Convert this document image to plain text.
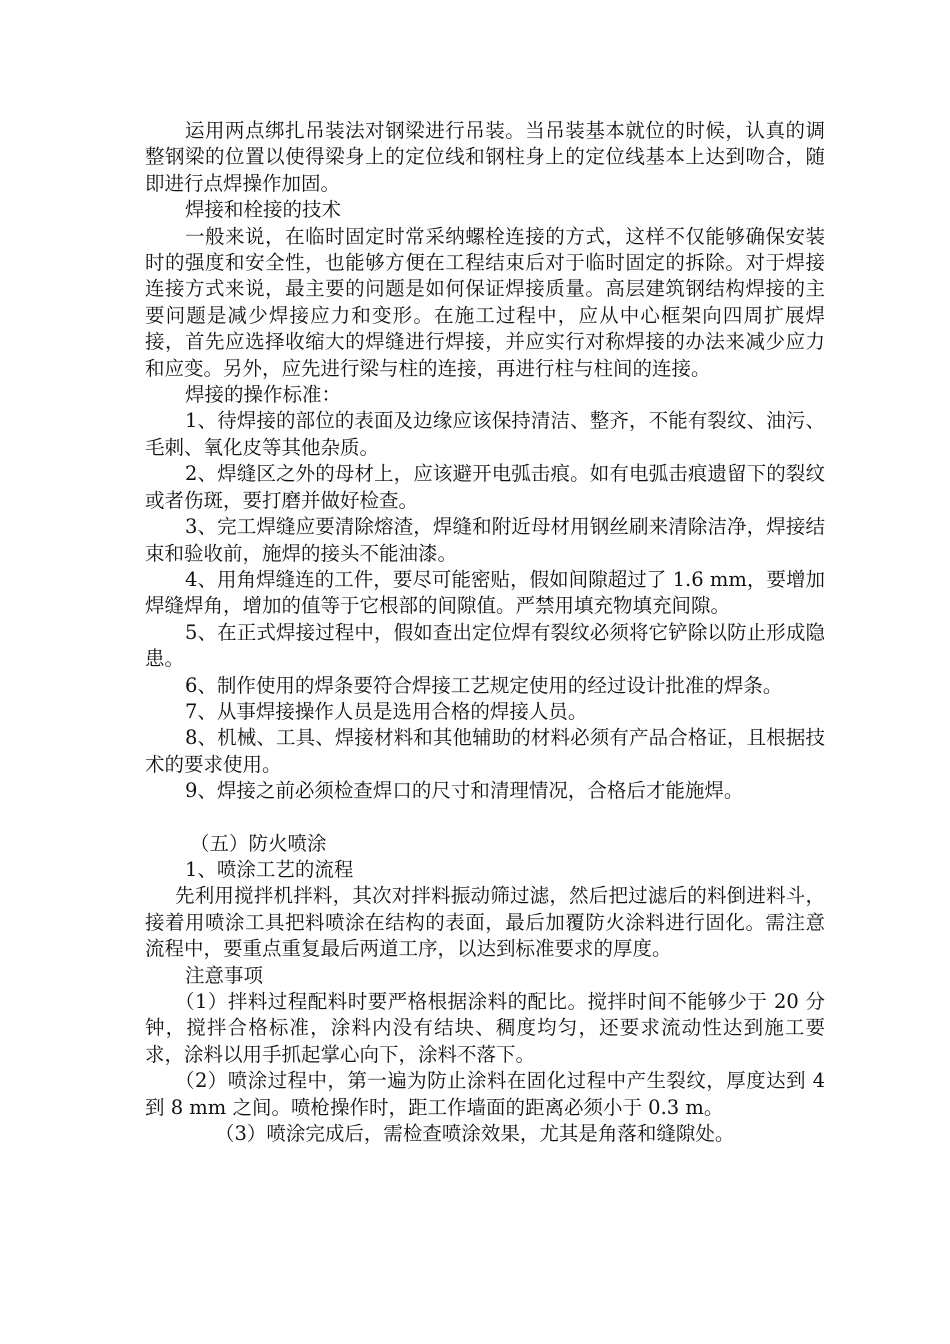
运用两点绑扎吊装法对钢梁进行吊装。当吊装基本就位的时候，认真的调整钢梁的位置以使得梁身上的定位线和钢柱身上的定位线基本上达到吻合，随即进行点焊操作加固。

焊接和栓接的技术

一般来说，在临时固定时常采纳螺栓连接的方式，这样不仅能够确保安装时的强度和安全性，也能够方便在工程结束后对于临时固定的拆除。对于焊接连接方式来说，最主要的问题是如何保证焊接质量。高层建筑钢结构焊接的主要问题是减少焊接应力和变形。在施工过程中，应从中心框架向四周扩展焊接，首先应选择收缩大的焊缝进行焊接，并应实行对称焊接的办法来减少应力和应变。另外，应先进行梁与柱的连接，再进行柱与柱间的连接。

焊接的操作标准：

1、待焊接的部位的表面及边缘应该保持清洁、整齐，不能有裂纹、油污、毛刺、氧化皮等其他杂质。

2、焊缝区之外的母材上，应该避开电弧击痕。如有电弧击痕遗留下的裂纹或者伤斑，要打磨并做好检查。

3、完工焊缝应要清除熔渣，焊缝和附近母材用钢丝刷来清除洁净，焊接结束和验收前，施焊的接头不能油漆。

4、用角焊缝连的工件，要尽可能密贴，假如间隙超过了 1.6 mm，要增加焊缝焊角，增加的值等于它根部的间隙值。严禁用填充物填充间隙。

5、在正式焊接过程中，假如查出定位焊有裂纹必须将它铲除以防止形成隐患。

6、制作使用的焊条要符合焊接工艺规定使用的经过设计批准的焊条。

7、从事焊接操作人员是选用合格的焊接人员。

8、机械、工具、焊接材料和其他辅助的材料必须有产品合格证，且根据技术的要求使用。

9、焊接之前必须检查焊口的尺寸和清理情况，合格后才能施焊。

（五）防火喷涂

1、喷涂工艺的流程

先利用搅拌机拌料，其次对拌料振动筛过滤，然后把过滤后的料倒进料斗，接着用喷涂工具把料喷涂在结构的表面，最后加覆防火涂料进行固化。需注意流程中，要重点重复最后两道工序，以达到标准要求的厚度。

注意事项

（1）拌料过程配料时要严格根据涂料的配比。搅拌时间不能够少于 20 分钟，搅拌合格标准，涂料内没有结块、稠度均匀，还要求流动性达到施工要求，涂料以用手抓起掌心向下，涂料不落下。

（2）喷涂过程中，第一遍为防止涂料在固化过程中产生裂纹，厚度达到 4 到 8 mm 之间。喷枪操作时，距工作墙面的距离必须小于 0.3 m。

（3）喷涂完成后，需检查喷涂效果，尤其是角落和缝隙处。
